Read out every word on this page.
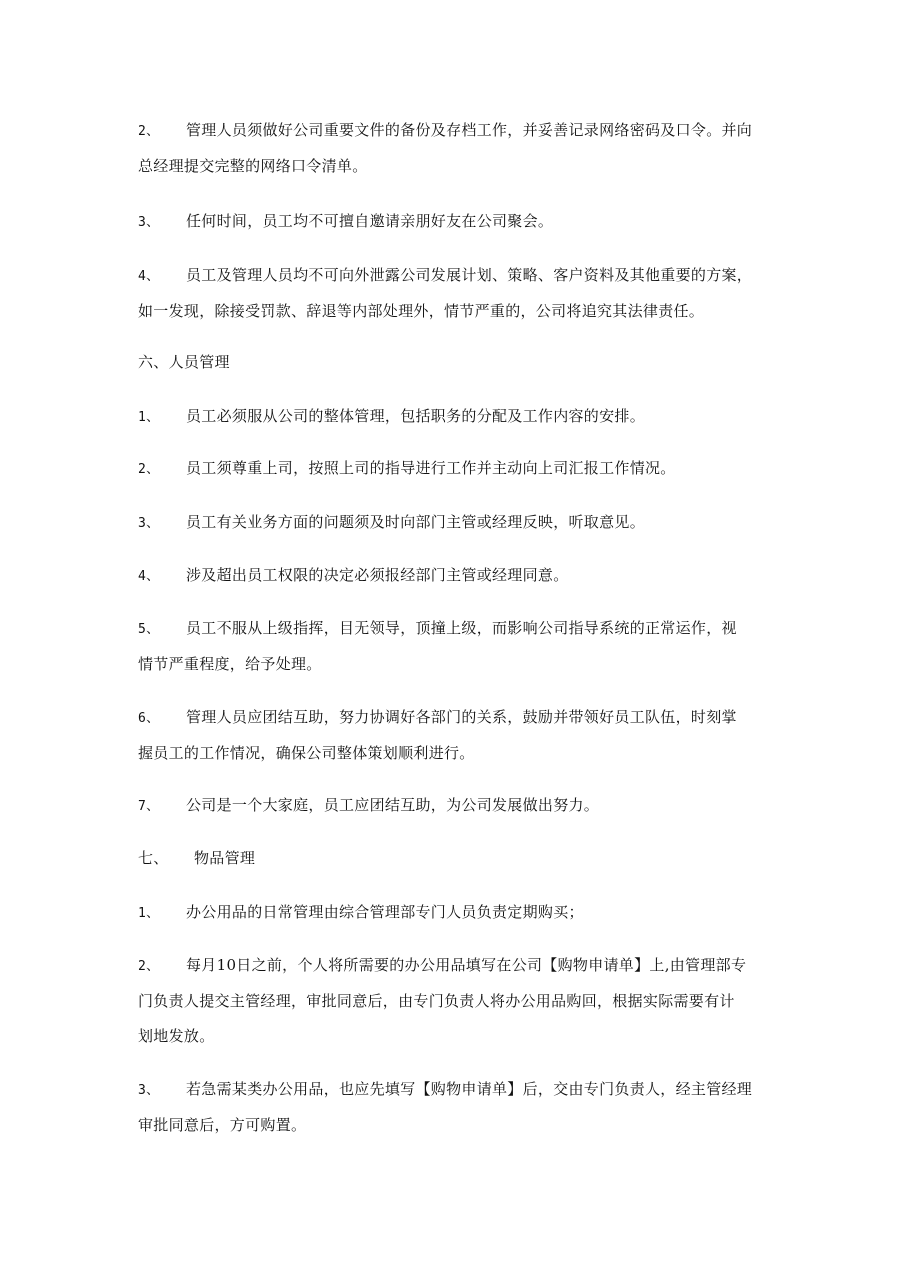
2、 管理人员须做好公司重要文件的备份及存档工作，并妥善记录网络密码及口令。并向
总经理提交完整的网络口令清单。
3、 任何时间，员工均不可擅自邀请亲朋好友在公司聚会。
4、 员工及管理人员均不可向外泄露公司发展计划、策略、客户资料及其他重要的方案，
如一发现，除接受罚款、辞退等内部处理外，情节严重的，公司将追究其法律责任。
六、人员管理
1、 员工必须服从公司的整体管理，包括职务的分配及工作内容的安排。
2、 员工须尊重上司，按照上司的指导进行工作并主动向上司汇报工作情况。
3、 员工有关业务方面的问题须及时向部门主管或经理反映，听取意见。
4、 涉及超出员工权限的决定必须报经部门主管或经理同意。
5、 员工不服从上级指挥，目无领导，顶撞上级，而影响公司指导系统的正常运作，视
情节严重程度，给予处理。
6、 管理人员应团结互助，努力协调好各部门的关系，鼓励并带领好员工队伍，时刻掌
握员工的工作情况，确保公司整体策划顺利进行。
7、 公司是一个大家庭，员工应团结互助，为公司发展做出努力。
七、 物品管理
1、 办公用品的日常管理由综合管理部专门人员负责定期购买；
2、 每月10日之前，个人将所需要的办公用品填写在公司【购物申请单】上,由管理部专
门负责人提交主管经理，审批同意后，由专门负责人将办公用品购回，根据实际需要有计
划地发放。
3、 若急需某类办公用品，也应先填写【购物申请单】后，交由专门负责人，经主管经理
审批同意后，方可购置。
